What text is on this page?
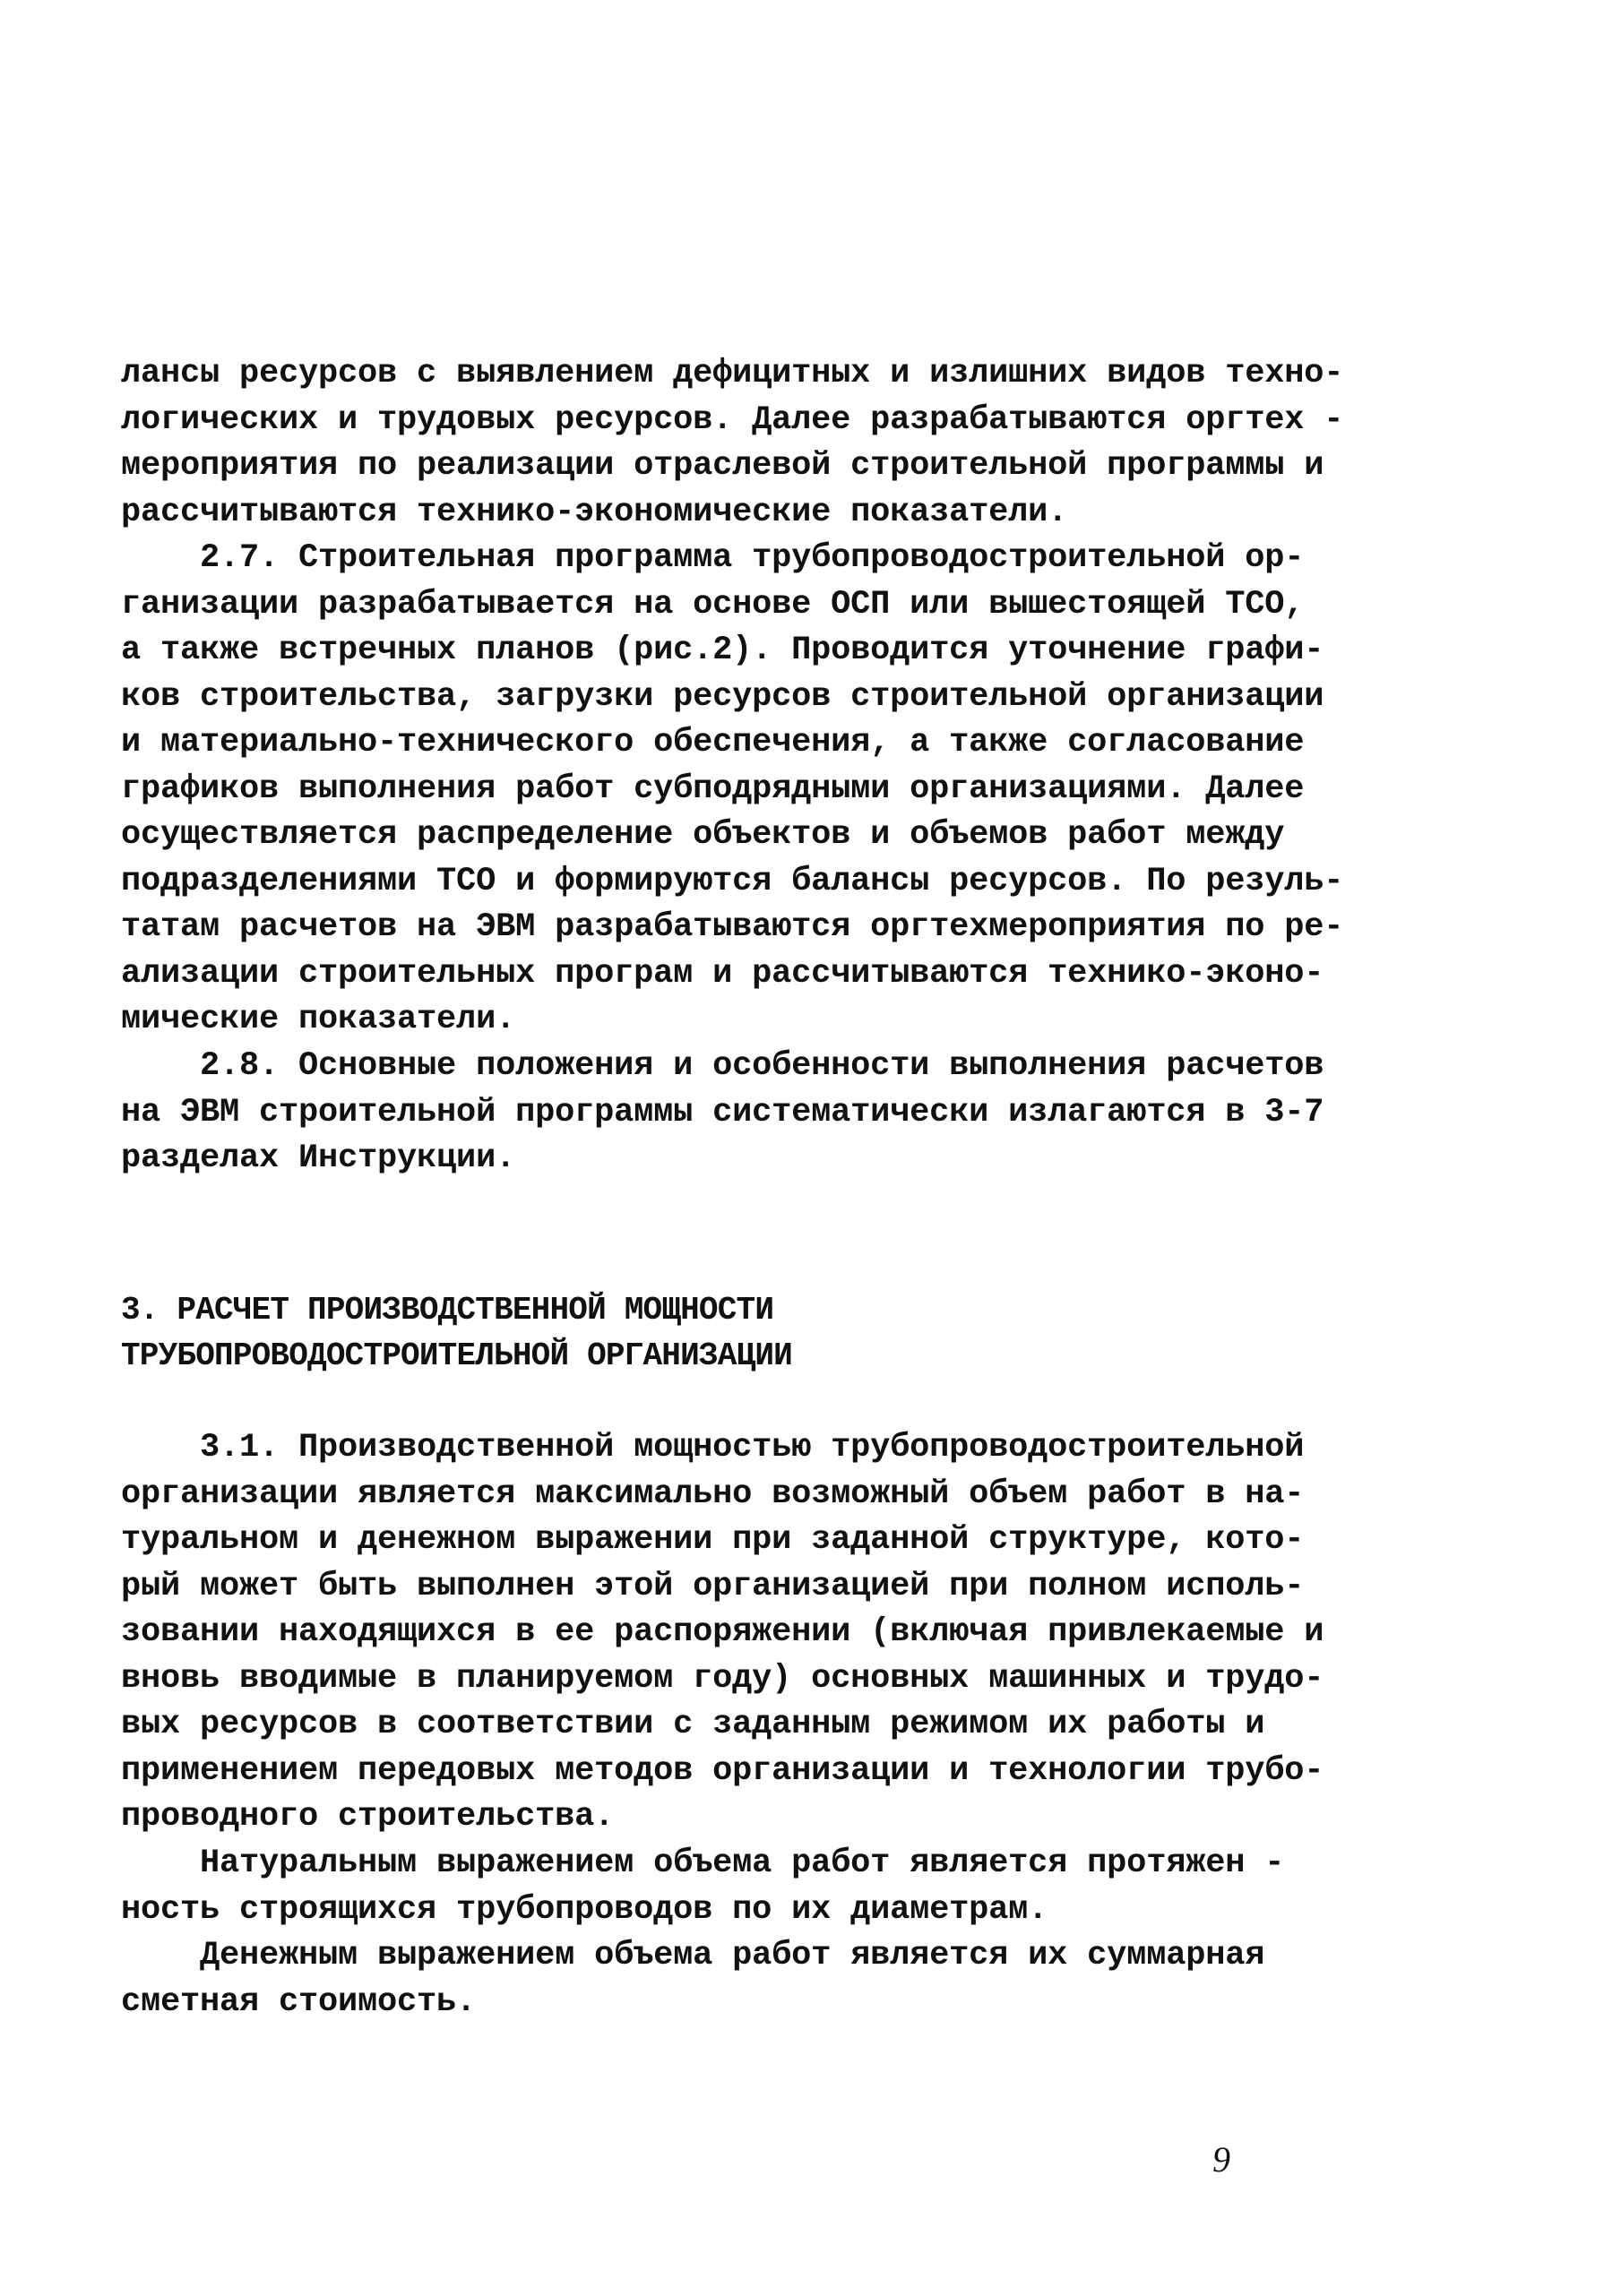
лансы ресурсов с выявлением дефицитных и излишних видов техно-
логических и трудовых ресурсов. Далее разрабатываются оргтех -
мероприятия по реализации отраслевой строительной программы и
рассчитываются технико-экономические показатели.
2.7. Строительная программа трубопроводостроительной ор-
ганизации разрабатывается на основе ОСП или вышестоящей ТСО,
а также встречных планов (рис.2). Проводится уточнение графи-
ков строительства, загрузки ресурсов строительной организации
и материально-технического обеспечения, а также согласование
графиков выполнения работ субподрядными организациями. Далее
осуществляется распределение объектов и объемов работ между
подразделениями ТСО и формируются балансы ресурсов. По резуль-
татам расчетов на ЭВМ разрабатываются оргтехмероприятия по ре-
ализации строительных програм и рассчитываются технико-эконо-
мические показатели.
2.8. Основные положения и особенности выполнения расчетов
на ЭВМ строительной программы систематически излагаются в 3-7
разделах Инструкции.
3. РАСЧЕТ ПРОИЗВОДСТВЕННОЙ МОЩНОСТИ
ТРУБОПРОВОДОСТРОИТЕЛЬНОЙ ОРГАНИЗАЦИИ
3.1. Производственной мощностью трубопроводостроительной
организации является максимально возможный объем работ в на-
туральном и денежном выражении при заданной структуре, кото-
рый может быть выполнен этой организацией при полном исполь-
зовании находящихся в ее распоряжении (включая привлекаемые и
вновь вводимые в планируемом году) основных машинных и трудо-
вых ресурсов в соответствии с заданным режимом их работы и
применением передовых методов организации и технологии трубо-
проводного строительства.
Натуральным выражением объема работ является протяжен -
ность строящихся трубопроводов по их диаметрам.
Денежным выражением объема работ является их суммарная
сметная стоимость.
9
